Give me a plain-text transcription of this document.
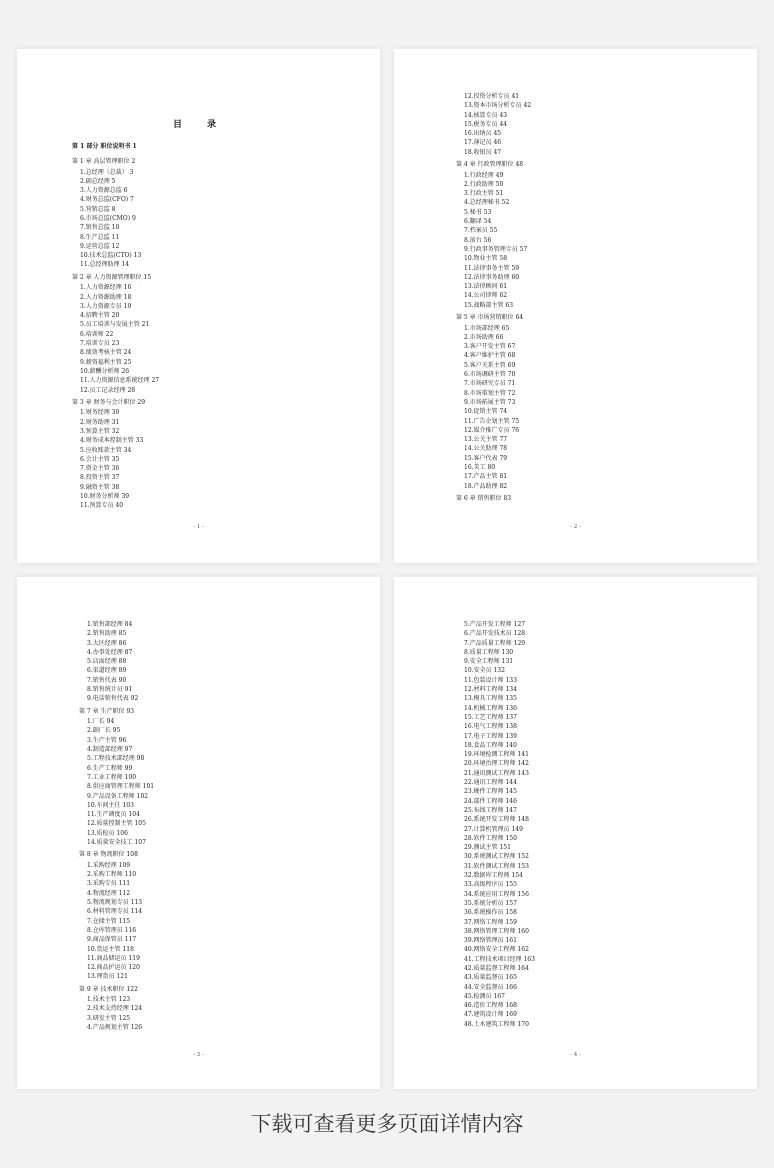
目　录
第 1 部分 职位说明书 1
第 1 章 高层管理职位 2
1.总经理（总裁） 3
2.副总经理 5
3.人力资源总监 6
4.财务总监(CFO) 7
5.营销总监 8
6.市场总监(CMO) 9
7.销售总监 10
8.生产总监 11
9.运营总监 12
10.技术总监(CTO) 13
11.总经理助理 14
第 2 章 人力资源管理职位 15
1.人力资源经理 16
2.人力资源助理 18
3.人力资源专员 19
4.招聘主管 20
5.员工培训与发展主管 21
6.培训师 22
7.培训专员 23
8.绩效考核主管 24
9.薪资福利主管 25
10.薪酬分析师 26
11.人力资源信息系统经理 27
12.员工记录经理 28
第 3 章 财务与会计职位 29
1.财务经理 30
2.财务助理 31
3.预算主管 32
4.财务成本控制主管 33
5.应收账款主管 34
6.会计主管 35
7.资金主管 36
8.投资主管 37
9.融资主管 38
10.财务分析师 39
11.预算专员 40
- 1 -
12.投资分析专员 41
13.资本市场分析专员 42
14.核算专员 43
15.税务专员 44
16.出纳员 45
17.薄记员 46
18.收银员 47
第 4 章 行政管理职位 48
1.行政经理 49
2.行政助理 50
3.行政主管 51
4.总经理秘书 52
5.秘书 53
6.翻译 54
7.档案员 55
8.前台 56
9.行政事务管理专员 57
10.物业主管 58
11.法律事务主管 59
12.法律事务助理 60
13.法律顾问 61
14.公司律师 62
15.战略部主管 63
第 5 章 市场营销职位 64
1.市场部经理 65
2.市场助理 66
3.客户开发主管 67
4.客户维护主管 68
5.客户关系主管 69
6.市场调研主管 70
7.市场研究专员 71
8.市场策划主管 72
9.市场拓展主管 73
10.促销主管 74
11.广告企划主管 75
12.媒介推广专员 76
13.公关主管 77
14.公关助理 78
15.客户代表 79
16.美工 80
17.产品主管 81
18.产品助理 82
第 6 章 销售职位 83
- 2 -
1.销售部经理 84
2.销售助理 85
3.大区经理 86
4.办事处经理 87
5.店面经理 88
6.渠道经理 89
7.销售代表 90
8.销售统计员 91
9.电话销售代表 92
第 7 章 生产职位 93
1.厂长 94
2.副厂长 95
3.生产主管 96
4.制造部经理 97
5.工程技术部经理 98
6.生产工程师 99
7.工业工程师 100
8.供应商管理工程师 101
9.产品设备工程师 102
10.车间主任 103
11.生产调度员 104
12.质量控制主管 105
13.质检员 106
14.质量安全技工 107
第 8 章 物流职位 108
1.采购经理 109
2.采购工程师 110
3.采购专员 111
4.物流经理 112
5.物流规划专员 113
6.材料管理专员 114
7.仓储主管 115
8.仓库管理员 116
9.商品保管员 117
10.货运主管 118
11.商品储运员 119
12.商品护运员 120
13.理货员 121
第 9 章 技术职位 122
1.技术主管 123
2.技术支持经理 124
3.研发主管 125
4.产品规划主管 126
- 3 -
5.产品开发工程师 127
6.产品开发技术员 128
7.产品质量工程师 129
8.质量工程师 130
9.安全工程师 131
10.安全员 132
11.包装设计师 133
12.材料工程师 134
13.模具工程师 135
14.机械工程师 136
15.工艺工程师 137
16.电气工程师 138
17.电子工程师 139
18.食品工程师 140
19.环境检测工程师 141
20.环境治理工程师 142
21.通讯测试工程师 143
22.通讯工程师 144
23.硬件工程师 145
24.部件工程师 146
25.布线工程师 147
26.系统开发工程师 148
27.计算机管理员 149
28.软件工程师 150
29.测试主管 151
30.系统测试工程师 152
31.软件测试工程师 153
32.数据库工程师 154
33.高级程序员 155
34.系统应用工程师 156
35.系统分析员 157
36.系统操作员 158
37.网络工程师 159
38.网络管理工程师 160
39.网络管理员 161
40.网络安全工程师 162
41.工程技术项目经理 163
42.质量监督工程师 164
43.质量监督员 165
44.安全监督员 166
45.检测员 167
46.造价工程师 168
47.建筑设计师 169
48.土木建筑工程师 170
- 4 -
下载可查看更多页面详情内容
